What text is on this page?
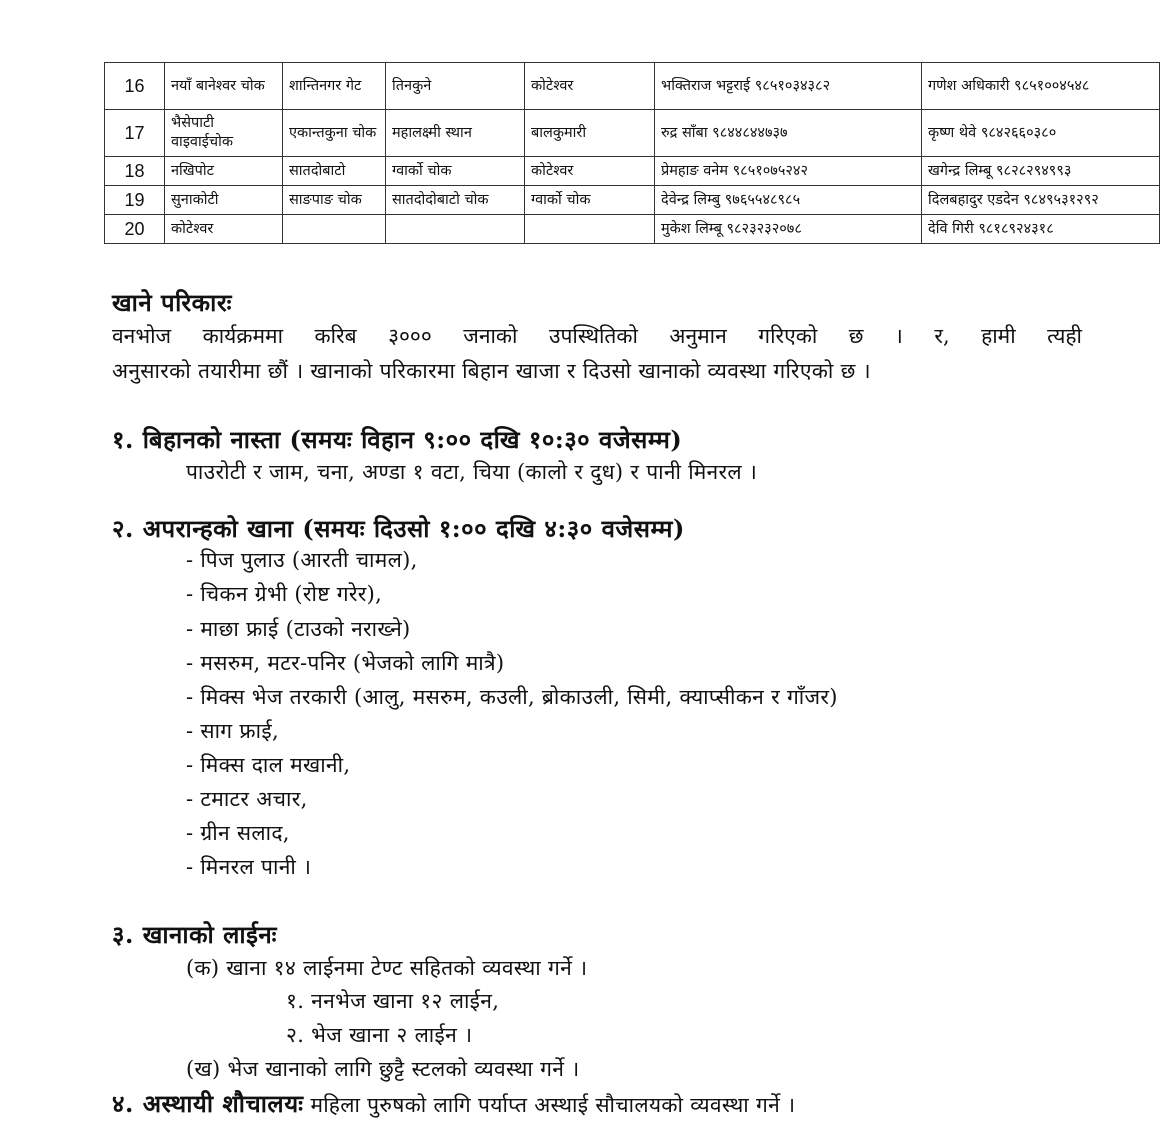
16	नयाँ बानेश्वर चोक	शान्तिनगर गेट	तिनकुने	कोटेश्वर	भक्तिराज भट्टराई ९८५१०३४३८२	गणेश अधिकारी ९८५१००४५४८
17	भैसेपाटी वाइवाईचोक	एकान्तकुना चोक	महालक्ष्मी स्थान	बालकुमारी	रुद्र साँबा ९८४४८४४७३७	कृष्ण थेवे ९८४२६६०३८०
18	नखिपोट	सातदोबाटो	ग्वार्को चोक	कोटेश्वर	प्रेमहाङ वनेम ९८५१०७५२४२	खगेन्द्र लिम्बू ९८२८२९४९९३
19	सुनाकोटी	साङपाङ चोक	सातदोदोबाटो चोक	ग्वार्को चोक	देवेन्द्र लिम्बु ९७६५५४८९८५	दिलबहादुर एडदेन ९८४९५३१२९२
20	कोटेश्वर				मुकेश लिम्बू ९८२३२३२०७८	देवि गिरी ९८१८९२४३१८
खाने परिकारः
वनभोज कार्यक्रममा करिब ३००० जनाको उपस्थितिको अनुमान गरिएको छ । र, हामी त्यही
अनुसारको तयारीमा छौं । खानाको परिकारमा बिहान खाजा र दिउसो खानाको व्यवस्था गरिएको छ ।
१. बिहानको नास्ता (समयः विहान ९:०० दखि १०:३० वजेसम्म)
पाउरोटी र जाम, चना, अण्डा १ वटा, चिया (कालो र दुध) र पानी मिनरल ।
२. अपरान्हको खाना (समयः दिउसो १:०० दखि ४:३० वजेसम्म)
- पिज पुलाउ (आरती चामल),
- चिकन ग्रेभी (रोष्ट गरेर),
- माछा फ्राई (टाउको नराख्ने)
- मसरुम, मटर-पनिर (भेजको लागि मात्रै)
- मिक्स भेज तरकारी (आलु, मसरुम, कउली, ब्रोकाउली, सिमी, क्याप्सीकन र गाँजर)
- साग फ्राई,
- मिक्स दाल मखानी,
- टमाटर अचार,
- ग्रीन सलाद,
- मिनरल पानी ।
३. खानाको लाईनः
(क) खाना १४ लाईनमा टेण्ट सहितको व्यवस्था गर्ने ।
१. ननभेज खाना १२ लाईन,
२. भेज खाना २ लाईन ।
(ख) भेज खानाको लागि छुट्टै स्टलको व्यवस्था गर्ने ।
४. अस्थायी शौचालयः महिला पुरुषको लागि पर्याप्त अस्थाई सौचालयको व्यवस्था गर्ने ।
